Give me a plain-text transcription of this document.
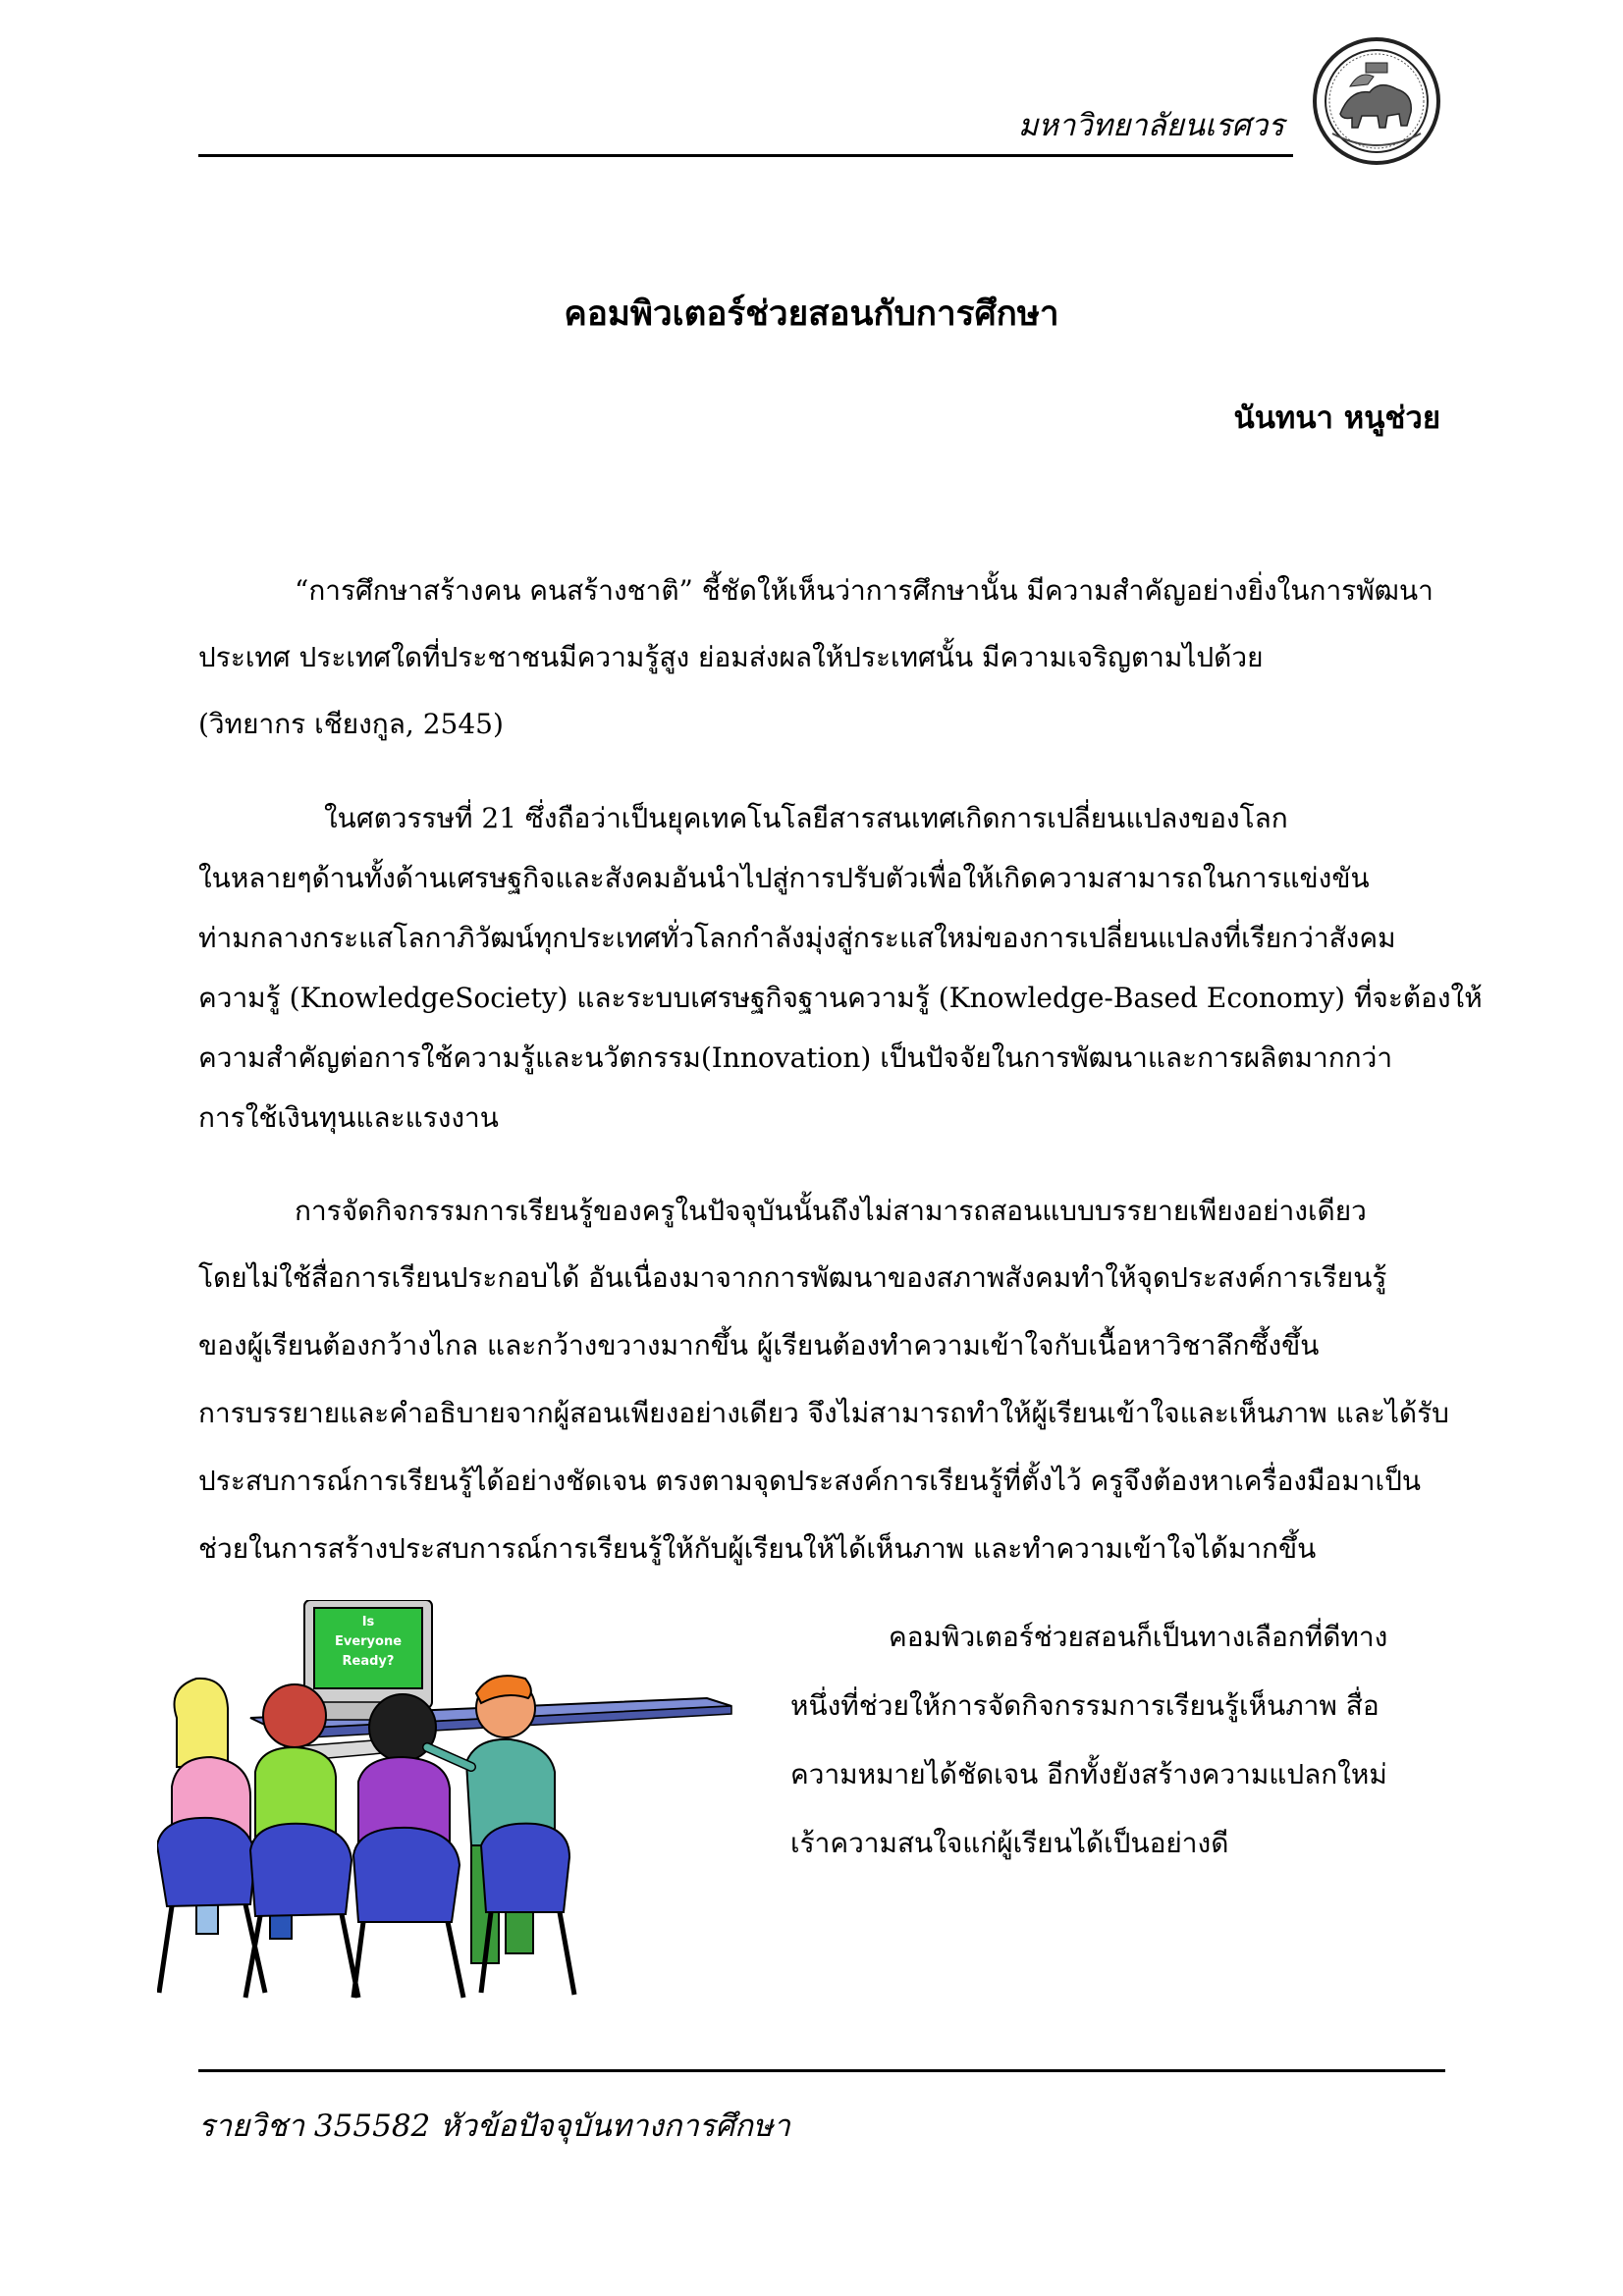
มหาวิทยาลัยนเรศวร
คอมพิวเตอร์ช่วยสอนกับการศึกษา
นันทนา หนูช่วย
“การศึกษาสร้างคน คนสร้างชาติ” ชี้ชัดให้เห็นว่าการศึกษานั้น มีความสำคัญอย่างยิ่งในการพัฒนา
ประเทศ ประเทศใดที่ประชาชนมีความรู้สูง ย่อมส่งผลให้ประเทศนั้น มีความเจริญตามไปด้วย
(วิทยากร เชียงกูล, 2545)
ในศตวรรษที่ 21 ซึ่งถือว่าเป็นยุคเทคโนโลยีสารสนเทศเกิดการเปลี่ยนแปลงของโลก
ในหลายๆด้านทั้งด้านเศรษฐกิจและสังคมอันนำไปสู่การปรับตัวเพื่อให้เกิดความสามารถในการแข่งขัน
ท่ามกลางกระแสโลกาภิวัฒน์ทุกประเทศทั่วโลกกำลังมุ่งสู่กระแสใหม่ของการเปลี่ยนแปลงที่เรียกว่าสังคม
ความรู้ (KnowledgeSociety) และระบบเศรษฐกิจฐานความรู้ (Knowledge-Based Economy) ที่จะต้องให้
ความสำคัญต่อการใช้ความรู้และนวัตกรรม(Innovation) เป็นปัจจัยในการพัฒนาและการผลิตมากกว่า
การใช้เงินทุนและแรงงาน
การจัดกิจกรรมการเรียนรู้ของครูในปัจจุบันนั้นถึงไม่สามารถสอนแบบบรรยายเพียงอย่างเดียว
โดยไม่ใช้สื่อการเรียนประกอบได้ อันเนื่องมาจากการพัฒนาของสภาพสังคมทำให้จุดประสงค์การเรียนรู้
ของผู้เรียนต้องกว้างไกล และกว้างขวางมากขึ้น ผู้เรียนต้องทำความเข้าใจกับเนื้อหาวิชาลึกซึ้งขึ้น
การบรรยายและคำอธิบายจากผู้สอนเพียงอย่างเดียว จึงไม่สามารถทำให้ผู้เรียนเข้าใจและเห็นภาพ และได้รับ
ประสบการณ์การเรียนรู้ได้อย่างชัดเจน ตรงตามจุดประสงค์การเรียนรู้ที่ตั้งไว้ ครูจึงต้องหาเครื่องมือมาเป็น
ช่วยในการสร้างประสบการณ์การเรียนรู้ให้กับผู้เรียนให้ได้เห็นภาพ และทำความเข้าใจได้มากขึ้น
Is
Everyone
Ready?
คอมพิวเตอร์ช่วยสอนก็เป็นทางเลือกที่ดีทาง
หนึ่งที่ช่วยให้การจัดกิจกรรมการเรียนรู้เห็นภาพ สื่อ
ความหมายได้ชัดเจน อีกทั้งยังสร้างความแปลกใหม่
เร้าความสนใจแก่ผู้เรียนได้เป็นอย่างดี
รายวิชา 355582 หัวข้อปัจจุบันทางการศึกษา
